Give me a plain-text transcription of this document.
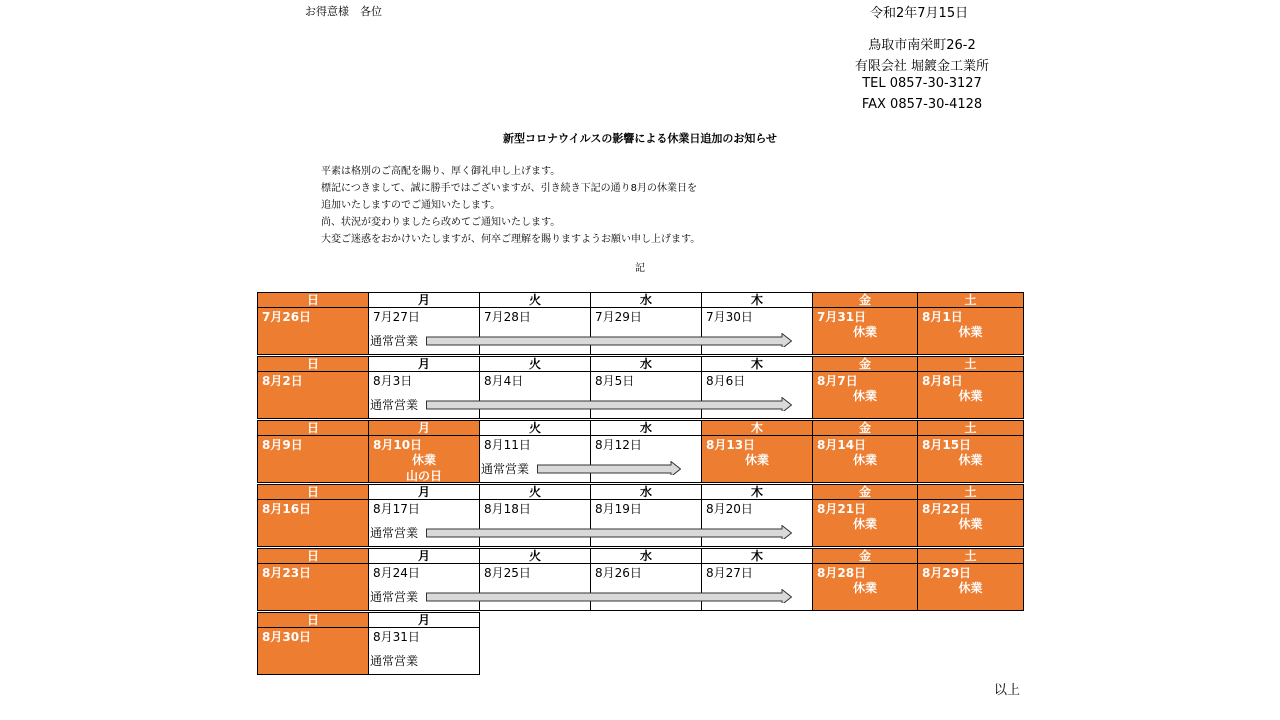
お得意様　各位	令和2年7月15日
鳥取市南栄町26-2
有限会社 堀鍍金工業所
TEL 0857-30-3127
FAX 0857-30-4128
新型コロナウイルスの影響による休業日追加のお知らせ
平素は格別のご高配を賜り、厚く御礼申し上げます。
標記につきまして、誠に勝手ではございますが、引き続き下記の通り8月の休業日を
追加いたしますのでご通知いたします。
尚、状況が変わりましたら改めてご通知いたします。
大変ご迷惑をおかけいたしますが、何卒ご理解を賜りますようお願い申し上げます。
記
日
7月26日
月
7月27日
火
7月28日
水
7月29日
木
7月30日
金
7月31日
休業
土
8月1日
休業
通常営業
日
8月2日
月
8月3日
火
8月4日
水
8月5日
木
8月6日
金
8月7日
休業
土
8月8日
休業
通常営業
日
8月9日
月
8月10日
休業
山の日
火
8月11日
水
8月12日
木
8月13日
休業
金
8月14日
休業
土
8月15日
休業
通常営業
日
8月16日
月
8月17日
火
8月18日
水
8月19日
木
8月20日
金
8月21日
休業
土
8月22日
休業
通常営業
日
8月23日
月
8月24日
火
8月25日
水
8月26日
木
8月27日
金
8月28日
休業
土
8月29日
休業
通常営業
日
8月30日
月
8月31日
通常営業
以上
